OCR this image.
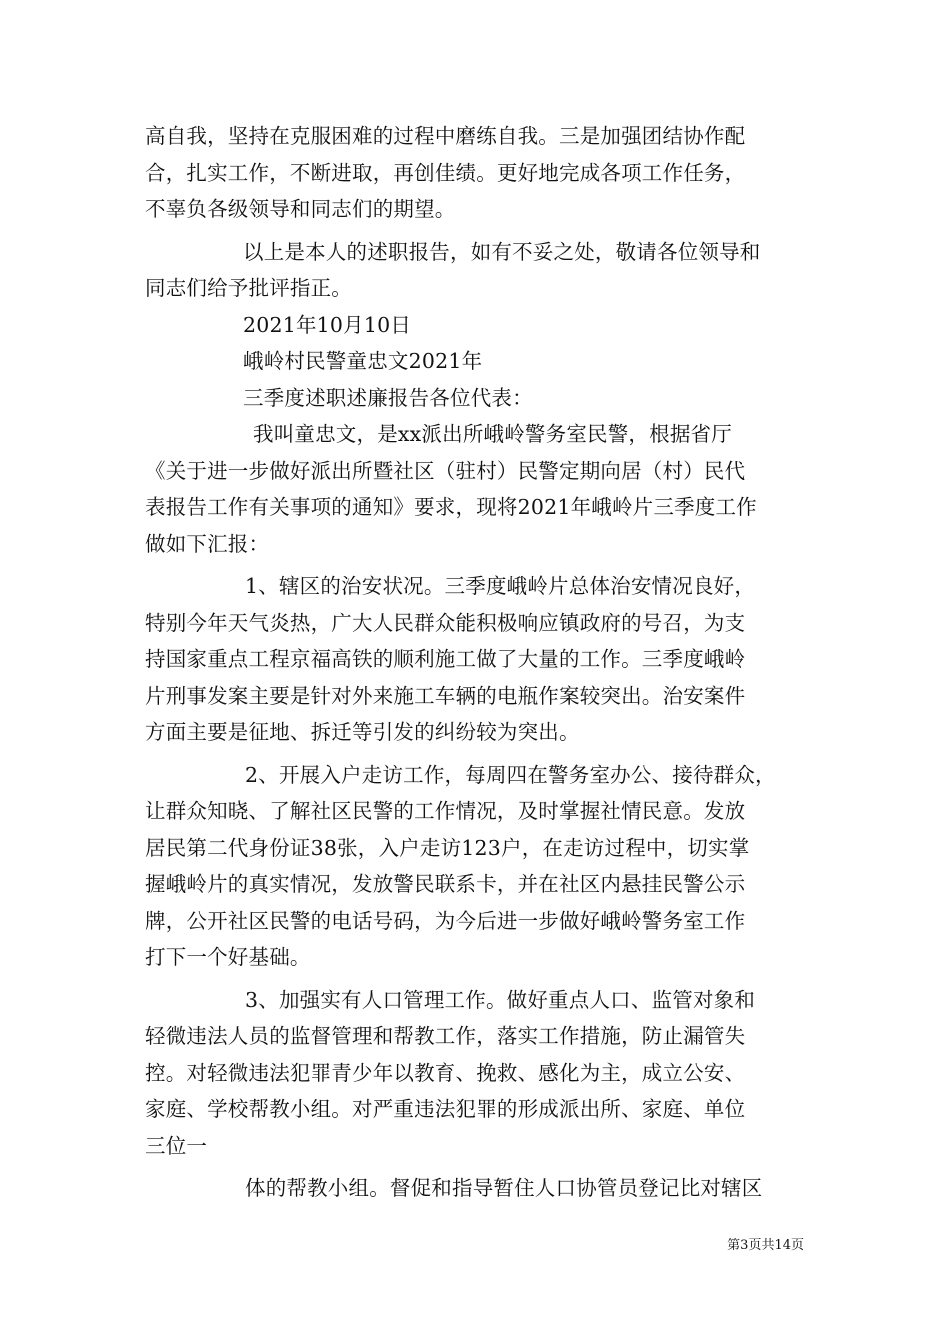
高自我，坚持在克服困难的过程中磨练自我。三是加强团结协作配
合，扎实工作，不断进取，再创佳绩。更好地完成各项工作任务，
不辜负各级领导和同志们的期望。

以上是本人的述职报告，如有不妥之处，敬请各位领导和
同志们给予批评指正。

2021年10月10日
峨岭村民警童忠文2021年
三季度述职述廉报告各位代表：

我叫童忠文，是xx派出所峨岭警务室民警，根据省厅
《关于进一步做好派出所暨社区（驻村）民警定期向居（村）民代
表报告工作有关事项的通知》要求，现将2021年峨岭片三季度工作
做如下汇报：

1、辖区的治安状况。三季度峨岭片总体治安情况良好，
特别今年天气炎热，广大人民群众能积极响应镇政府的号召，为支
持国家重点工程京福高铁的顺利施工做了大量的工作。三季度峨岭
片刑事发案主要是针对外来施工车辆的电瓶作案较突出。治安案件
方面主要是征地、拆迁等引发的纠纷较为突出。

2、开展入户走访工作，每周四在警务室办公、接待群众，
让群众知晓、了解社区民警的工作情况，及时掌握社情民意。发放
居民第二代身份证38张，入户走访123户，在走访过程中，切实掌
握峨岭片的真实情况，发放警民联系卡，并在社区内悬挂民警公示
牌，公开社区民警的电话号码，为今后进一步做好峨岭警务室工作
打下一个好基础。

3、加强实有人口管理工作。做好重点人口、监管对象和
轻微违法人员的监督管理和帮教工作，落实工作措施，防止漏管失
控。对轻微违法犯罪青少年以教育、挽救、感化为主，成立公安、
家庭、学校帮教小组。对严重违法犯罪的形成派出所、家庭、单位
三位一

体的帮教小组。督促和指导暂住人口协管员登记比对辖区

第3页共14页
